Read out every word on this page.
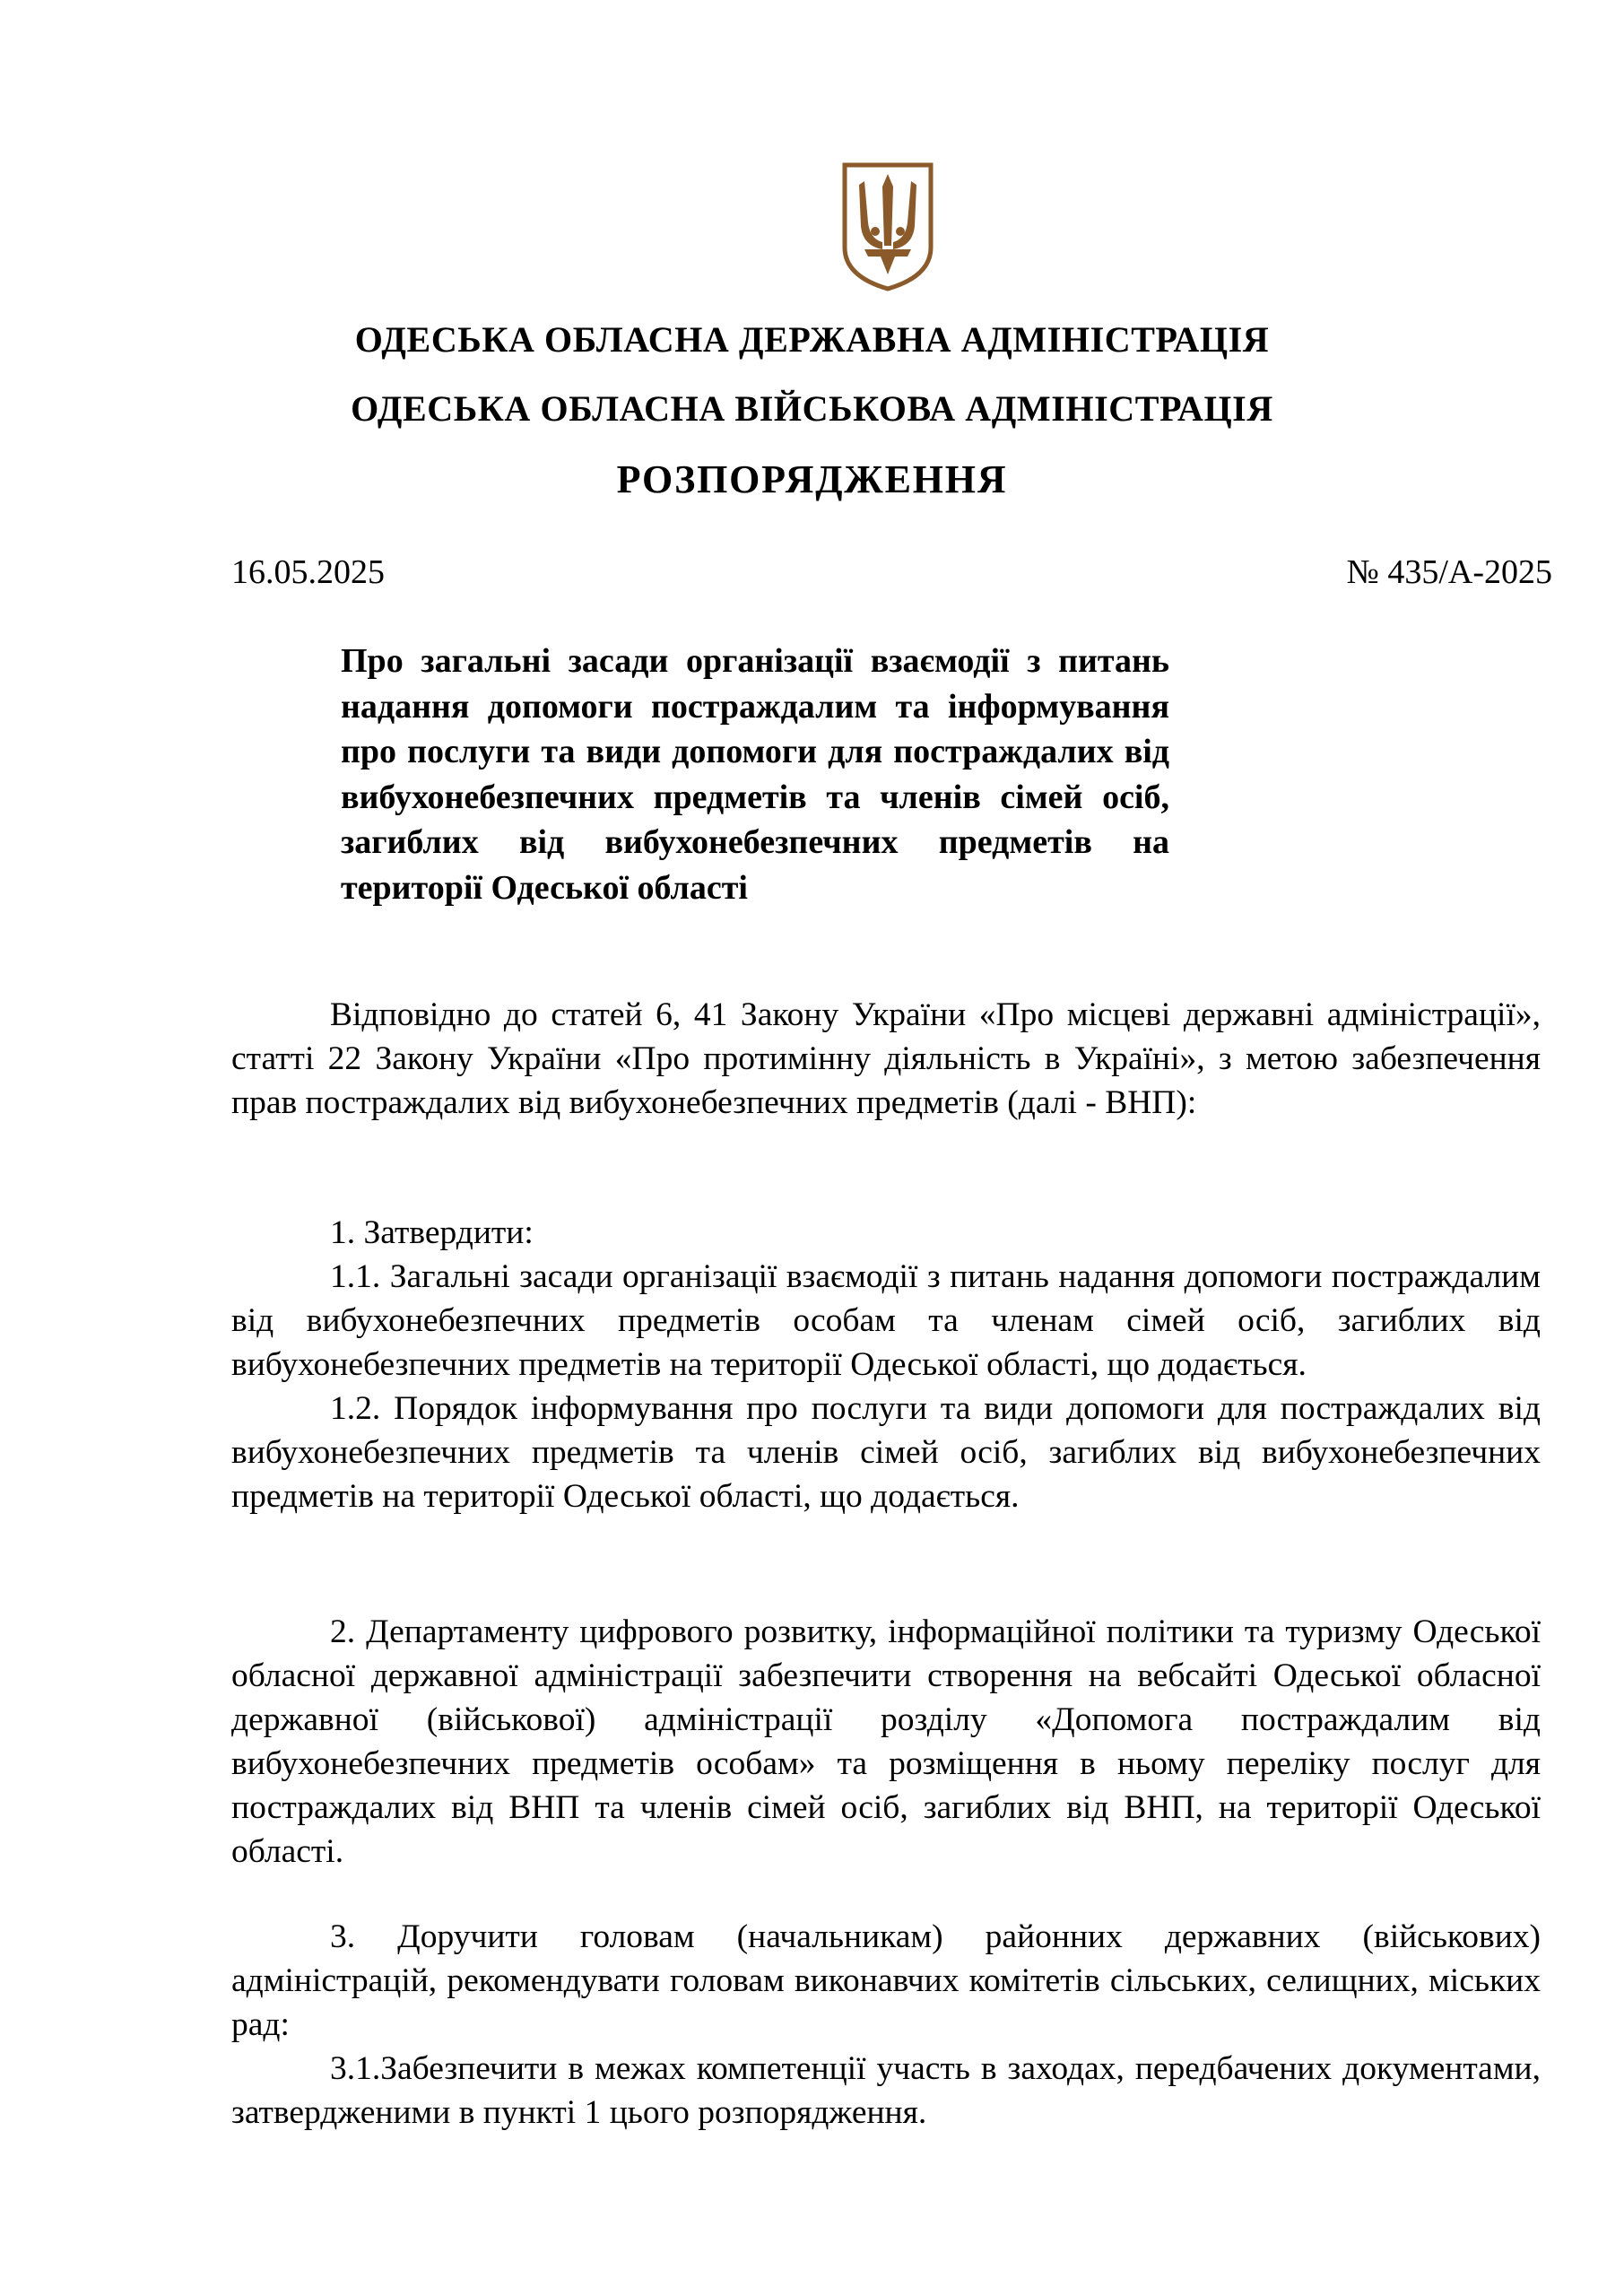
ОДЕСЬКА ОБЛАСНА ДЕРЖАВНА АДМІНІСТРАЦІЯ
ОДЕСЬКА ОБЛАСНА ВІЙСЬКОВА АДМІНІСТРАЦІЯ
РОЗПОРЯДЖЕННЯ
16.05.2025	№ 435/А-2025
Про загальні засади організації взаємодії з питань надання допомоги постраждалим та інформування про послуги та види допомоги для постраждалих від вибухонебезпечних предметів та членів сімей осіб, загиблих від вибухонебезпечних предметів на території Одеської області

Відповідно до статей 6, 41 Закону України «Про місцеві державні адміністрації», статті 22 Закону України «Про протимінну діяльність в Україні», з метою забезпечення прав постраждалих від вибухонебезпечних предметів (далі - ВНП):

1. Затвердити:

1.1. Загальні засади організації взаємодії з питань надання допомоги постраждалим від вибухонебезпечних предметів особам та членам сімей осіб, загиблих від вибухонебезпечних предметів на території Одеської області, що додається.

1.2. Порядок інформування про послуги та види допомоги для постраждалих від вибухонебезпечних предметів та членів сімей осіб, загиблих від вибухонебезпечних предметів на території Одеської області, що додається.

2. Департаменту цифрового розвитку, інформаційної політики та туризму Одеської обласної державної адміністрації забезпечити створення на вебсайті Одеської обласної державної (військової) адміністрації розділу «Допомога постраждалим від вибухонебезпечних предметів особам» та розміщення в ньому переліку послуг для постраждалих від ВНП та членів сімей осіб, загиблих від ВНП, на території Одеської області.

3. Доручити головам (начальникам) районних державних (військових) адміністрацій, рекомендувати головам виконавчих комітетів сільських, селищних, міських рад:

3.1.Забезпечити в межах компетенції участь в заходах, передбачених документами, затвердженими в пункті 1 цього розпорядження.
